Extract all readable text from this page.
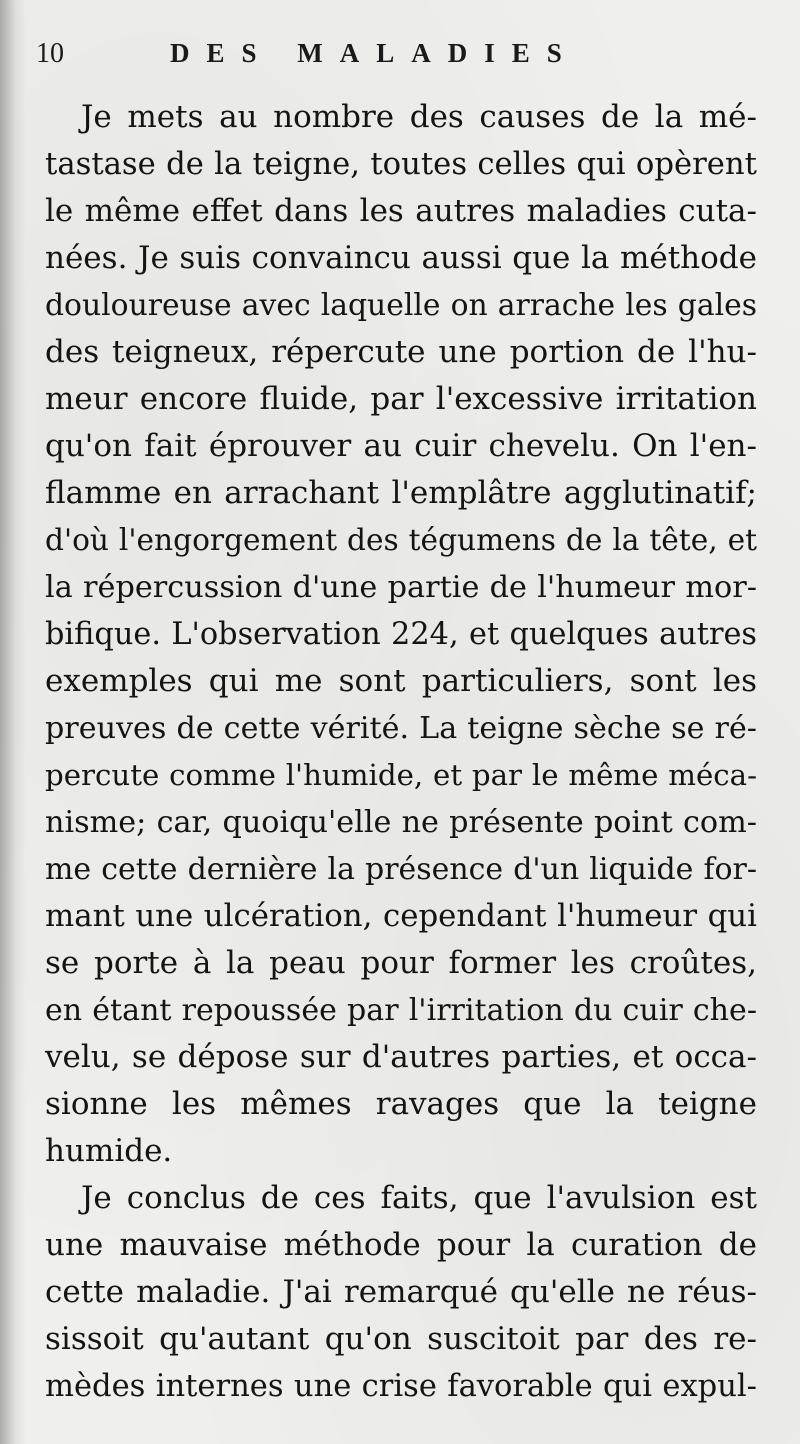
10	DES MALADIES
Je mets au nombre des causes de la mé-
tastase de la teigne, toutes celles qui opèrent
le même effet dans les autres maladies cuta-
nées. Je suis convaincu aussi que la méthode
douloureuse avec laquelle on arrache les gales
des teigneux, répercute une portion de l'hu-
meur encore fluide, par l'excessive irritation
qu'on fait éprouver au cuir chevelu. On l'en-
flamme en arrachant l'emplâtre agglutinatif;
d'où l'engorgement des tégumens de la tête, et
la répercussion d'une partie de l'humeur mor-
bifique. L'observation 224, et quelques autres
exemples qui me sont particuliers, sont les
preuves de cette vérité. La teigne sèche se ré-
percute comme l'humide, et par le même méca-
nisme; car, quoiqu'elle ne présente point com-
me cette dernière la présence d'un liquide for-
mant une ulcération, cependant l'humeur qui
se porte à la peau pour former les croûtes,
en étant repoussée par l'irritation du cuir che-
velu, se dépose sur d'autres parties, et occa-
sionne les mêmes ravages que la teigne
humide.
Je conclus de ces faits, que l'avulsion est
une mauvaise méthode pour la curation de
cette maladie. J'ai remarqué qu'elle ne réus-
sissoit qu'autant qu'on suscitoit par des re-
mèdes internes une crise favorable qui expul-
